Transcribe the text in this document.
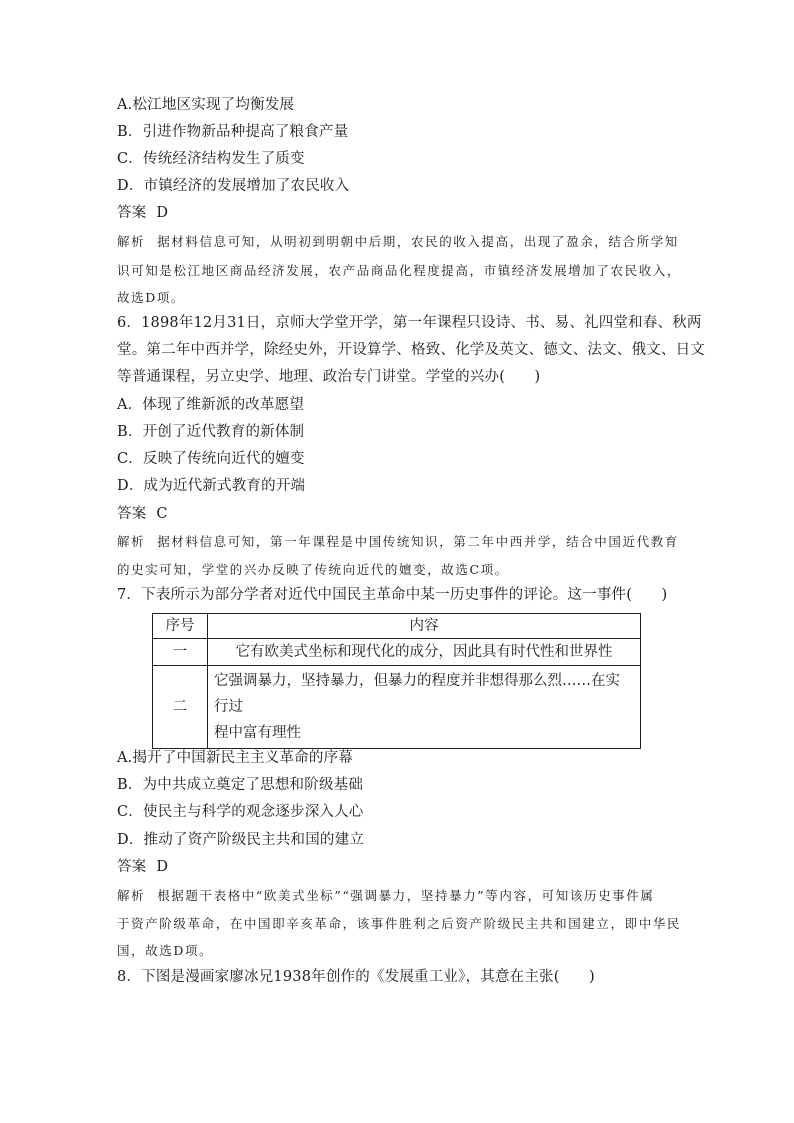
A.松江地区实现了均衡发展
B．引进作物新品种提高了粮食产量
C．传统经济结构发生了质变
D．市镇经济的发展增加了农民收入
答案 D
解析 据材料信息可知，从明初到明朝中后期，农民的收入提高，出现了盈余，结合所学知
识可知是松江地区商品经济发展，农产品商品化程度提高，市镇经济发展增加了农民收入，
故选D项。
6．1898年12月31日，京师大学堂开学，第一年课程只设诗、书、易、礼四堂和春、秋两
堂。第二年中西并学，除经史外，开设算学、格致、化学及英文、德文、法文、俄文、日文
等普通课程，另立史学、地理、政治专门讲堂。学堂的兴办(　　)
A．体现了维新派的改革愿望
B．开创了近代教育的新体制
C．反映了传统向近代的嬗变
D．成为近代新式教育的开端
答案 C
解析 据材料信息可知，第一年课程是中国传统知识，第二年中西并学，结合中国近代教育
的史实可知，学堂的兴办反映了传统向近代的嬗变，故选C项。
7．下表所示为部分学者对近代中国民主革命中某一历史事件的评论。这一事件(　　)
序号	内容
一	它有欧美式坐标和现代化的成分，因此具有时代性和世界性
二	它强调暴力，坚持暴力，但暴力的程度并非想得那么烈……在实行过
程中富有理性
A.揭开了中国新民主主义革命的序幕
B．为中共成立奠定了思想和阶级基础
C．使民主与科学的观念逐步深入人心
D．推动了资产阶级民主共和国的建立
答案 D
解析 根据题干表格中“欧美式坐标”“强调暴力，坚持暴力”等内容，可知该历史事件属
于资产阶级革命，在中国即辛亥革命，该事件胜利之后资产阶级民主共和国建立，即中华民
国，故选D项。
8．下图是漫画家廖冰兄1938年创作的《发展重工业》，其意在主张(　　)
